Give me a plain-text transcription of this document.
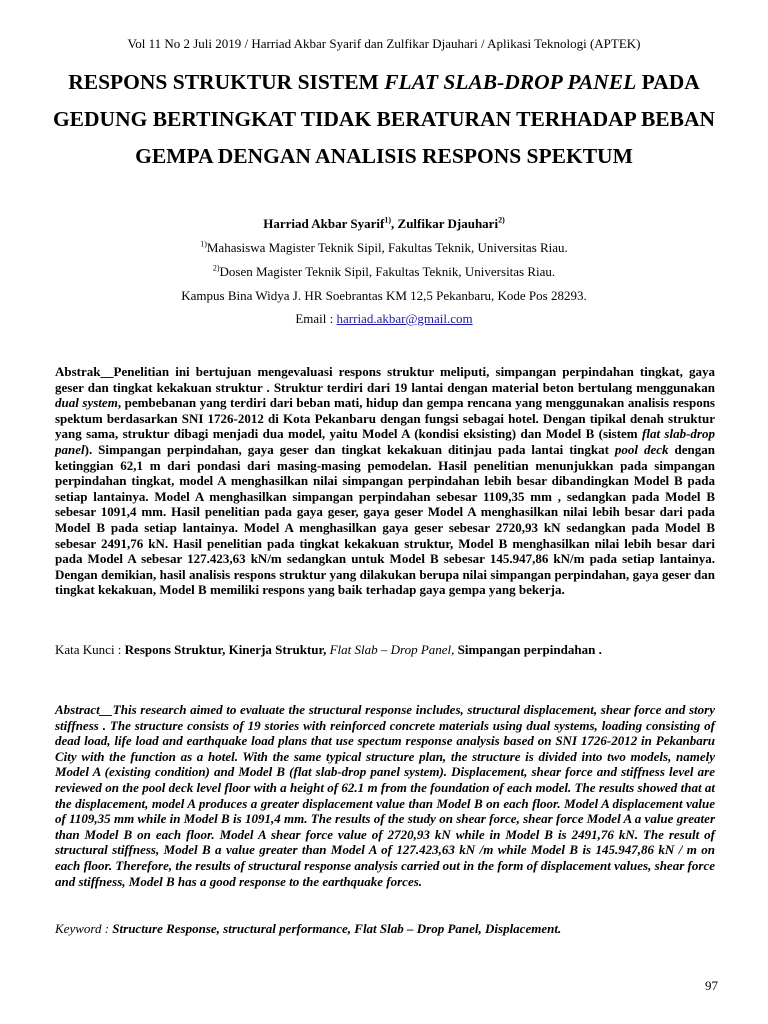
Vol 11 No 2 Juli 2019 / Harriad Akbar Syarif dan Zulfikar Djauhari / Aplikasi Teknologi (APTEK)
RESPONS STRUKTUR SISTEM FLAT SLAB-DROP PANEL PADA GEDUNG BERTINGKAT TIDAK BERATURAN TERHADAP BEBAN GEMPA DENGAN ANALISIS RESPONS SPEKTUM
Harriad Akbar Syarif$^{1)}$, Zulfikar Djauhari$^{2)}$
$^{1)}$Mahasiswa Magister Teknik Sipil, Fakultas Teknik, Universitas Riau.
$^{2)}$Dosen Magister Teknik Sipil, Fakultas Teknik, Universitas Riau.
Kampus Bina Widya J. HR Soebrantas KM 12,5 Pekanbaru, Kode Pos 28293.
Email : harriad.akbar@gmail.com

Abstrak__Penelitian ini bertujuan mengevaluasi respons struktur meliputi, simpangan perpindahan tingkat, gaya geser dan tingkat kekakuan struktur . Struktur terdiri dari 19 lantai dengan material beton bertulang menggunakan dual system, pembebanan yang terdiri dari beban mati, hidup dan gempa rencana yang menggunakan analisis respons spektum berdasarkan SNI 1726-2012 di Kota Pekanbaru dengan fungsi sebagai hotel. Dengan tipikal denah struktur yang sama, struktur dibagi menjadi dua model, yaitu Model A (kondisi eksisting) dan Model B (sistem flat slab-drop panel). Simpangan perpindahan, gaya geser dan tingkat kekakuan ditinjau pada lantai tingkat pool deck dengan ketinggian 62,1 m dari pondasi dari masing-masing pemodelan. Hasil penelitian menunjukkan pada simpangan perpindahan tingkat, model A menghasilkan nilai simpangan perpindahan lebih besar dibandingkan Model B pada setiap lantainya. Model A menghasilkan simpangan perpindahan sebesar 1109,35 mm , sedangkan pada Model B sebesar 1091,4 mm. Hasil penelitian pada gaya geser, gaya geser Model A menghasilkan nilai lebih besar dari pada Model B pada setiap lantainya. Model A menghasilkan gaya geser sebesar 2720,93 kN sedangkan pada Model B sebesar 2491,76 kN. Hasil penelitian pada tingkat kekakuan struktur, Model B menghasilkan nilai lebih besar dari pada Model A sebesar 127.423,63 kN/m sedangkan untuk Model B sebesar 145.947,86 kN/m pada setiap lantainya. Dengan demikian, hasil analisis respons struktur yang dilakukan berupa nilai simpangan perpindahan, gaya geser dan tingkat kekakuan, Model B memiliki respons yang baik terhadap gaya gempa yang bekerja.

Kata Kunci : Respons Struktur, Kinerja Struktur, Flat Slab – Drop Panel, Simpangan perpindahan .

Abstract__This research aimed to evaluate the structural response includes, structural displacement, shear force and story stiffness . The structure consists of 19 stories with reinforced concrete materials using dual systems, loading consisting of dead load, life load and earthquake load plans that use spectum response analysis based on SNI 1726-2012 in Pekanbaru City with the function as a hotel. With the same typical structure plan, the structure is divided into two models, namely Model A (existing condition) and Model B (flat slab-drop panel system). Displacement, shear force and stiffness level are reviewed on the pool deck level floor with a height of 62.1 m from the foundation of each model. The results showed that at the displacement, model A produces a greater displacement value than Model B on each floor. Model A displacement value of 1109,35 mm while in Model B is 1091,4 mm. The results of the study on shear force, shear force Model A a value greater than Model B on each floor. Model A shear force value of 2720,93 kN while in Model B is 2491,76 kN. The result of structural stiffness, Model B a value greater than Model A of 127.423,63 kN /m while Model B is 145.947,86 kN / m on each floor. Therefore, the results of structural response analysis carried out in the form of displacement values, shear force and stiffness, Model B has a good response to the earthquake forces.

Keyword : Structure Response, structural performance, Flat Slab – Drop Panel, Displacement.

97
